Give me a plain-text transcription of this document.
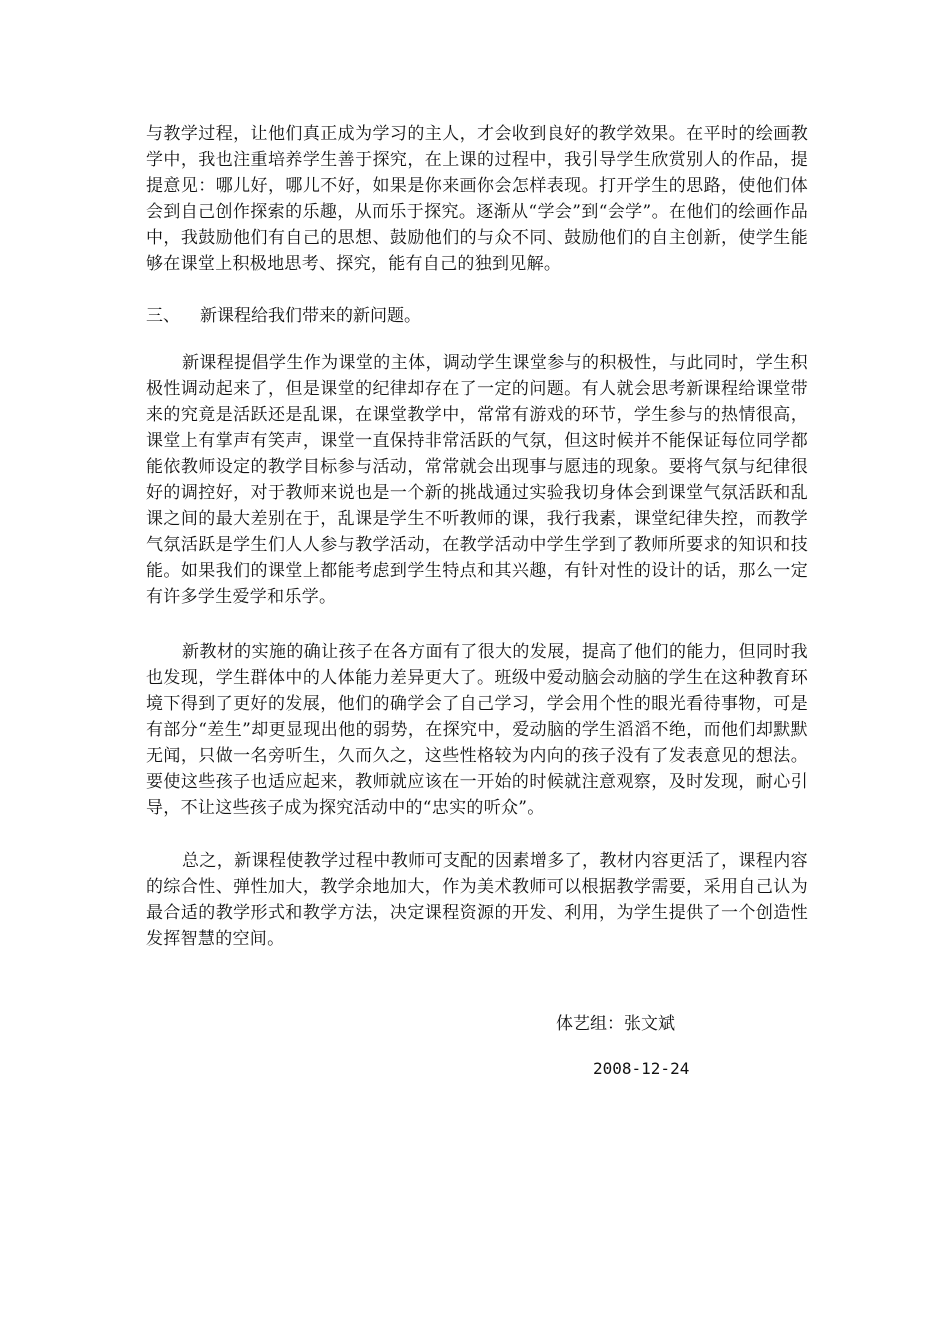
与教学过程，让他们真正成为学习的主人，才会收到良好的教学效果。在平时的绘画教学中，我也注重培养学生善于探究，在上课的过程中，我引导学生欣赏别人的作品，提提意见：哪儿好，哪儿不好，如果是你来画你会怎样表现。打开学生的思路，使他们体会到自己创作探索的乐趣，从而乐于探究。逐渐从“学会”到“会学”。在他们的绘画作品中，我鼓励他们有自己的思想、鼓励他们的与众不同、鼓励他们的自主创新，使学生能够在课堂上积极地思考、探究，能有自己的独到见解。

三、	新课程给我们带来的新问题。

新课程提倡学生作为课堂的主体，调动学生课堂参与的积极性，与此同时，学生积极性调动起来了，但是课堂的纪律却存在了一定的问题。有人就会思考新课程给课堂带来的究竟是活跃还是乱课，在课堂教学中，常常有游戏的环节，学生参与的热情很高，课堂上有掌声有笑声，课堂一直保持非常活跃的气氛，但这时候并不能保证每位同学都能依教师设定的教学目标参与活动，常常就会出现事与愿违的现象。要将气氛与纪律很好的调控好，对于教师来说也是一个新的挑战通过实验我切身体会到课堂气氛活跃和乱课之间的最大差别在于，乱课是学生不听教师的课，我行我素，课堂纪律失控，而教学气氛活跃是学生们人人参与教学活动，在教学活动中学生学到了教师所要求的知识和技能。如果我们的课堂上都能考虑到学生特点和其兴趣，有针对性的设计的话，那么一定有许多学生爱学和乐学。

新教材的实施的确让孩子在各方面有了很大的发展，提高了他们的能力，但同时我也发现，学生群体中的人体能力差异更大了。班级中爱动脑会动脑的学生在这种教育环境下得到了更好的发展，他们的确学会了自己学习，学会用个性的眼光看待事物，可是有部分“差生”却更显现出他的弱势，在探究中，爱动脑的学生滔滔不绝，而他们却默默无闻，只做一名旁听生，久而久之，这些性格较为内向的孩子没有了发表意见的想法。要使这些孩子也适应起来，教师就应该在一开始的时候就注意观察，及时发现，耐心引导，不让这些孩子成为探究活动中的“忠实的听众”。

总之，新课程使教学过程中教师可支配的因素增多了，教材内容更活了，课程内容的综合性、弹性加大，教学余地加大，作为美术教师可以根据教学需要，采用自己认为最合适的教学形式和教学方法，决定课程资源的开发、利用，为学生提供了一个创造性发挥智慧的空间。

体艺组：张文斌

2008-12-24
